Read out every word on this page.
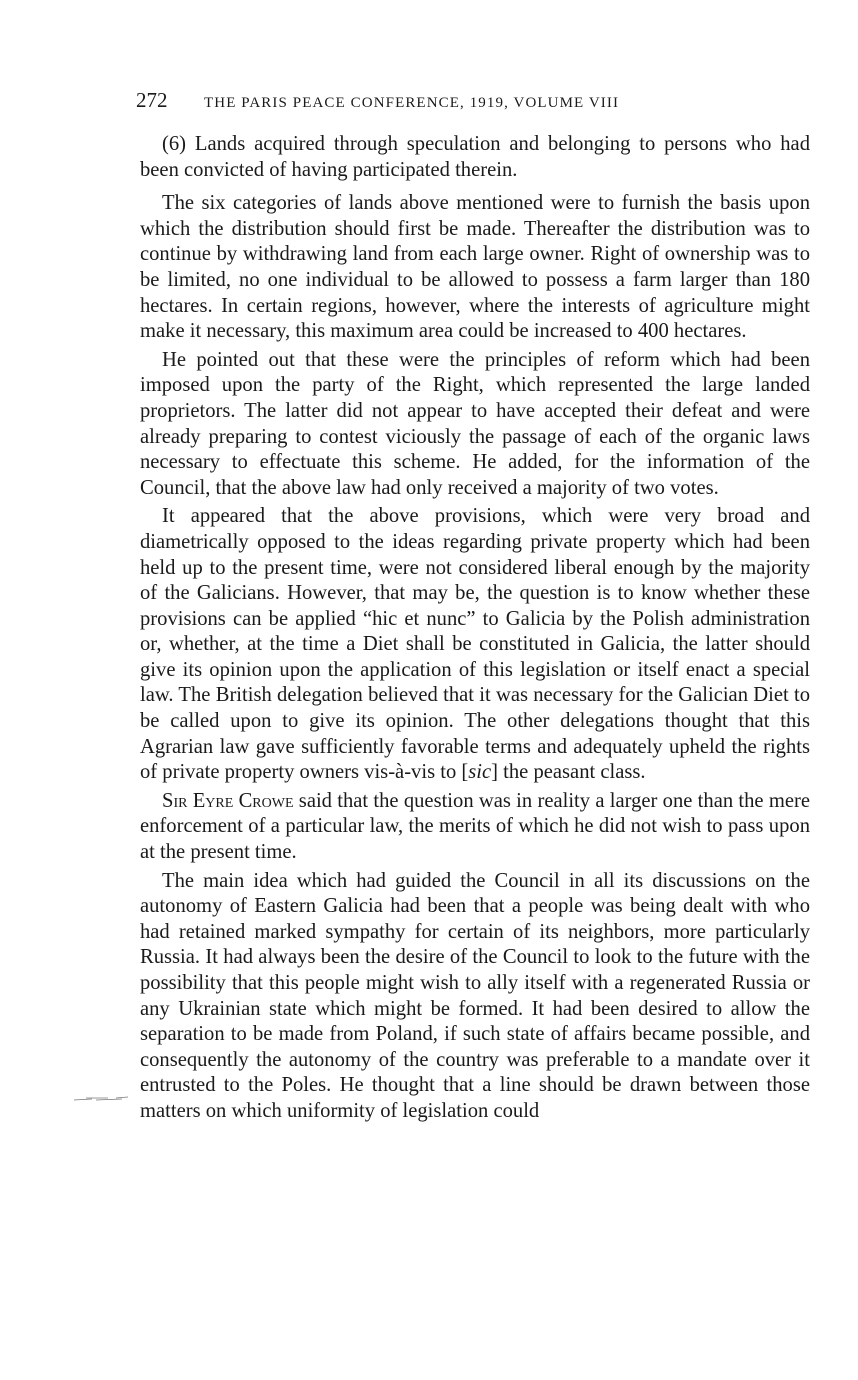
272	THE PARIS PEACE CONFERENCE, 1919, VOLUME VIII

(6) Lands acquired through speculation and belonging to persons who had been convicted of having participated therein.

The six categories of lands above mentioned were to furnish the basis upon which the distribution should first be made. Thereafter the distribution was to continue by withdrawing land from each large owner. Right of ownership was to be limited, no one individual to be allowed to possess a farm larger than 180 hectares. In certain regions, however, where the interests of agriculture might make it necessary, this maximum area could be increased to 400 hectares.

He pointed out that these were the principles of reform which had been imposed upon the party of the Right, which represented the large landed proprietors. The latter did not appear to have accepted their defeat and were already preparing to contest viciously the passage of each of the organic laws necessary to effectuate this scheme. He added, for the information of the Council, that the above law had only received a majority of two votes.

It appeared that the above provisions, which were very broad and diametrically opposed to the ideas regarding private property which had been held up to the present time, were not considered liberal enough by the majority of the Galicians. However, that may be, the question is to know whether these provisions can be applied “hic et nunc” to Galicia by the Polish administration or, whether, at the time a Diet shall be constituted in Galicia, the latter should give its opinion upon the application of this legislation or itself enact a special law. The British delegation believed that it was necessary for the Galician Diet to be called upon to give its opinion. The other delegations thought that this Agrarian law gave sufficiently favorable terms and adequately upheld the rights of private property owners vis-à-vis to [sic] the peasant class.

Sir Eyre Crowe said that the question was in reality a larger one than the mere enforcement of a particular law, the merits of which he did not wish to pass upon at the present time.

The main idea which had guided the Council in all its discussions on the autonomy of Eastern Galicia had been that a people was being dealt with who had retained marked sympathy for certain of its neighbors, more particularly Russia. It had always been the desire of the Council to look to the future with the possibility that this people might wish to ally itself with a regenerated Russia or any Ukrainian state which might be formed. It had been desired to allow the separation to be made from Poland, if such state of affairs became possible, and consequently the autonomy of the country was preferable to a mandate over it entrusted to the Poles. He thought that a line should be drawn between those matters on which uniformity of legislation could
